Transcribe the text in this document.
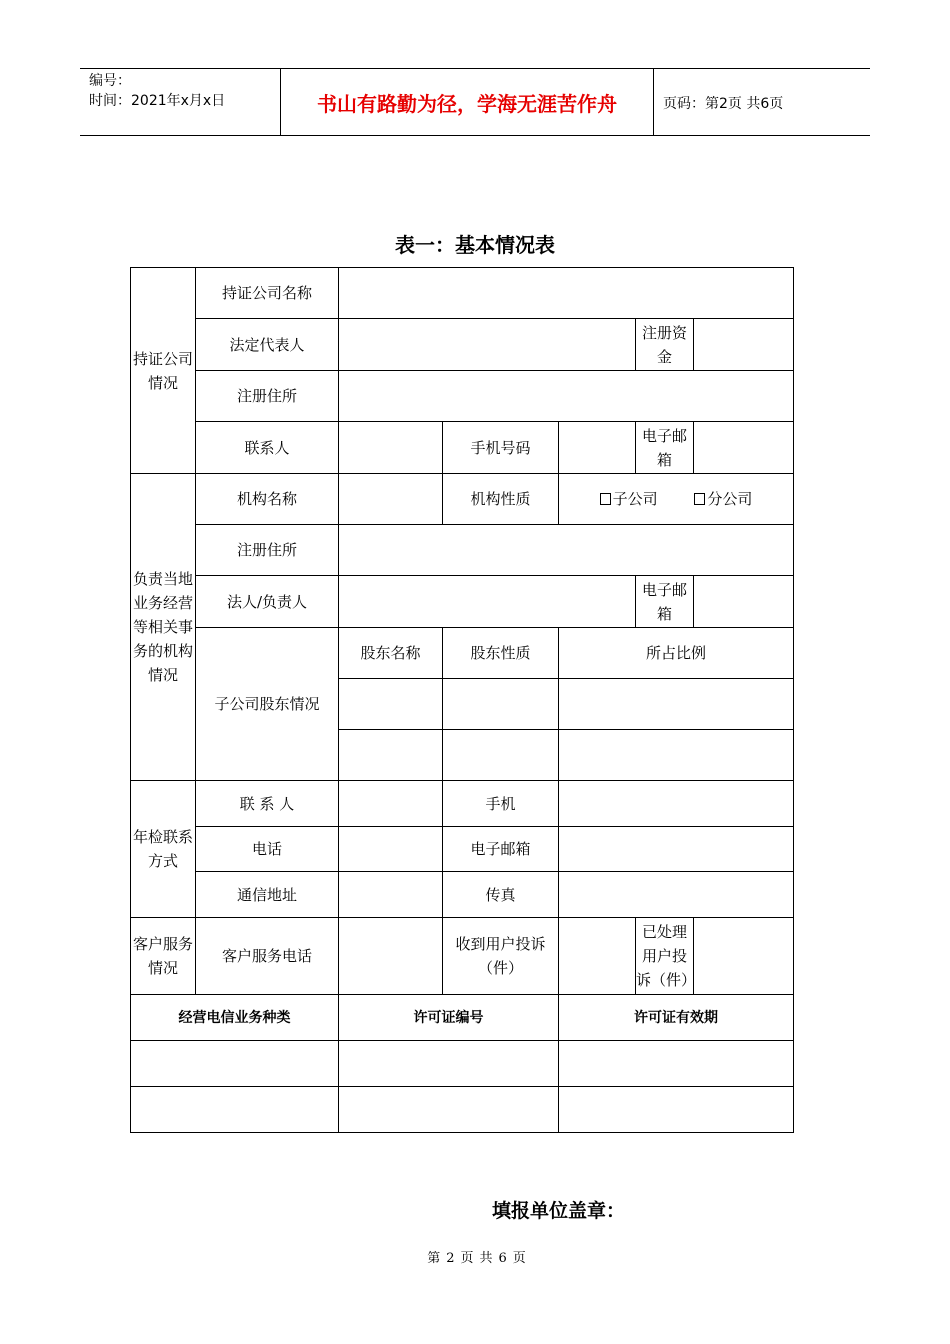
编号：
时间：2021年x月x日	书山有路勤为径，学海无涯苦作舟	页码：第2页 共6页
表一：基本情况表
持证公司情况	持证公司名称					
	法定代表人				注册资金	
	注册住所					
	联系人		手机号码		电子邮箱	
负责当地业务经营等相关事务的机构情况	机构名称		机构性质	子公司 分公司		
	注册住所					
	法人/负责人				电子邮箱	
	子公司股东情况	股东名称	股东性质	所占比例		

年检联系方式	联 系 人		手机			
	电话		电子邮箱			
	通信地址		传真			
客户服务情况	客户服务电话		收到用户投诉（件）		已处理用户投诉（件）	
经营电信业务种类		许可证编号		许可证有效期		

填报单位盖章：
第 2 页 共 6 页
